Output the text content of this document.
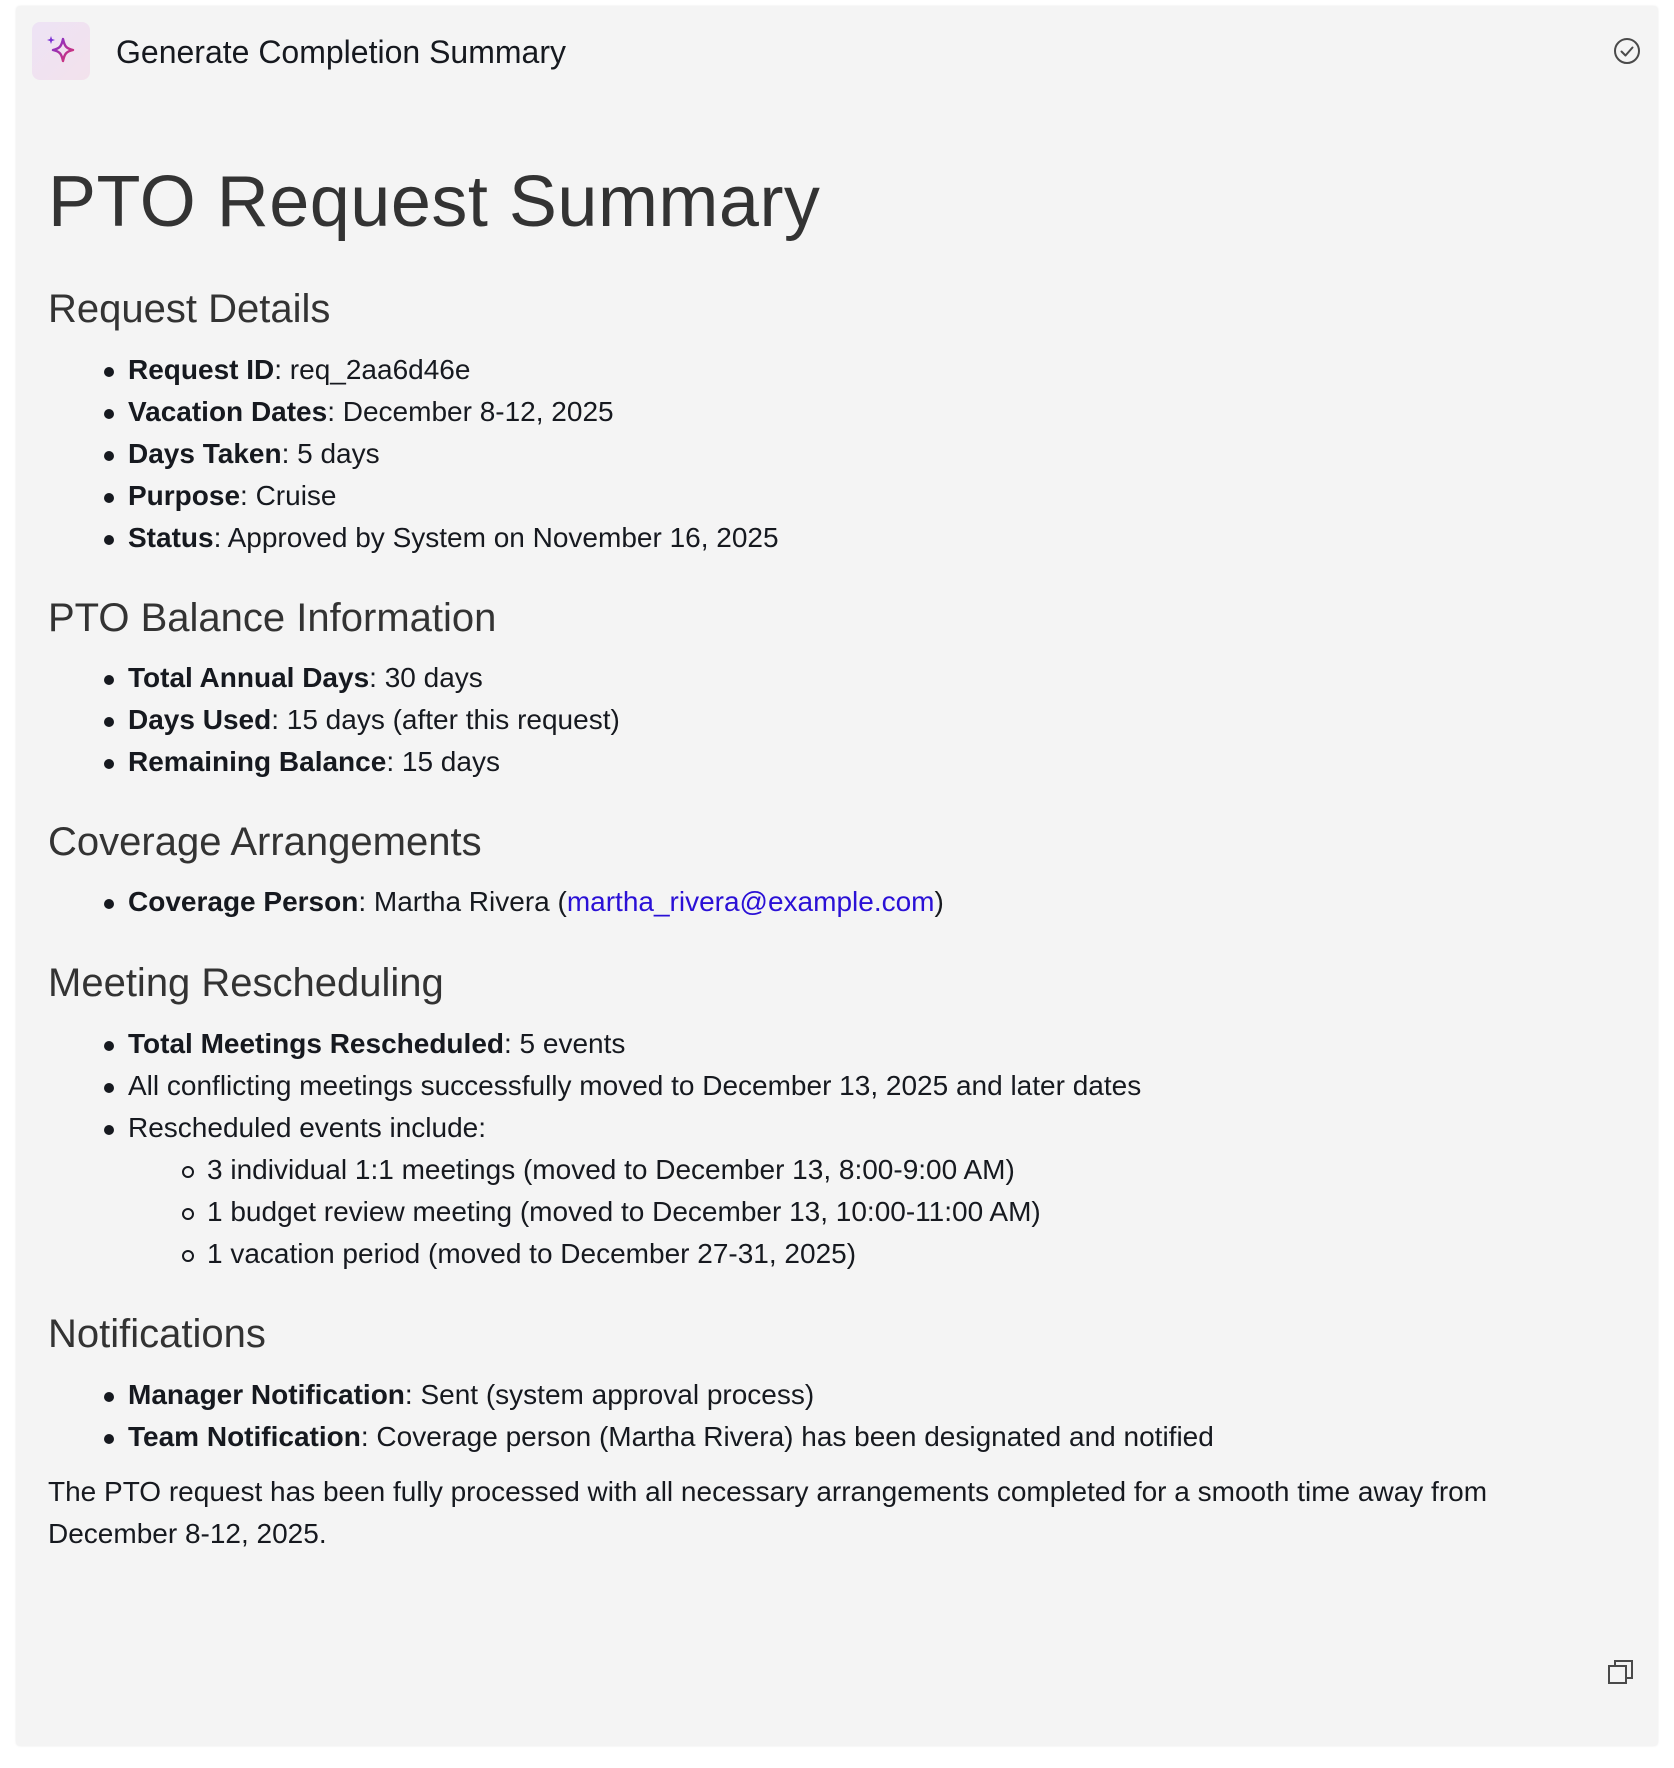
Generate Completion Summary
PTO Request Summary
Request Details
Request ID: req_2aa6d46e
Vacation Dates: December 8-12, 2025
Days Taken: 5 days
Purpose: Cruise
Status: Approved by System on November 16, 2025
PTO Balance Information
Total Annual Days: 30 days
Days Used: 15 days (after this request)
Remaining Balance: 15 days
Coverage Arrangements
Coverage Person: Martha Rivera (martha_rivera@example.com)
Meeting Rescheduling
Total Meetings Rescheduled: 5 events
All conflicting meetings successfully moved to December 13, 2025 and later dates
Rescheduled events include:
3 individual 1:1 meetings (moved to December 13, 8:00-9:00 AM)
1 budget review meeting (moved to December 13, 10:00-11:00 AM)
1 vacation period (moved to December 27-31, 2025)
Notifications
Manager Notification: Sent (system approval process)
Team Notification: Coverage person (Martha Rivera) has been designated and notified

The PTO request has been fully processed with all necessary arrangements completed for a smooth time away from December 8-12, 2025.
